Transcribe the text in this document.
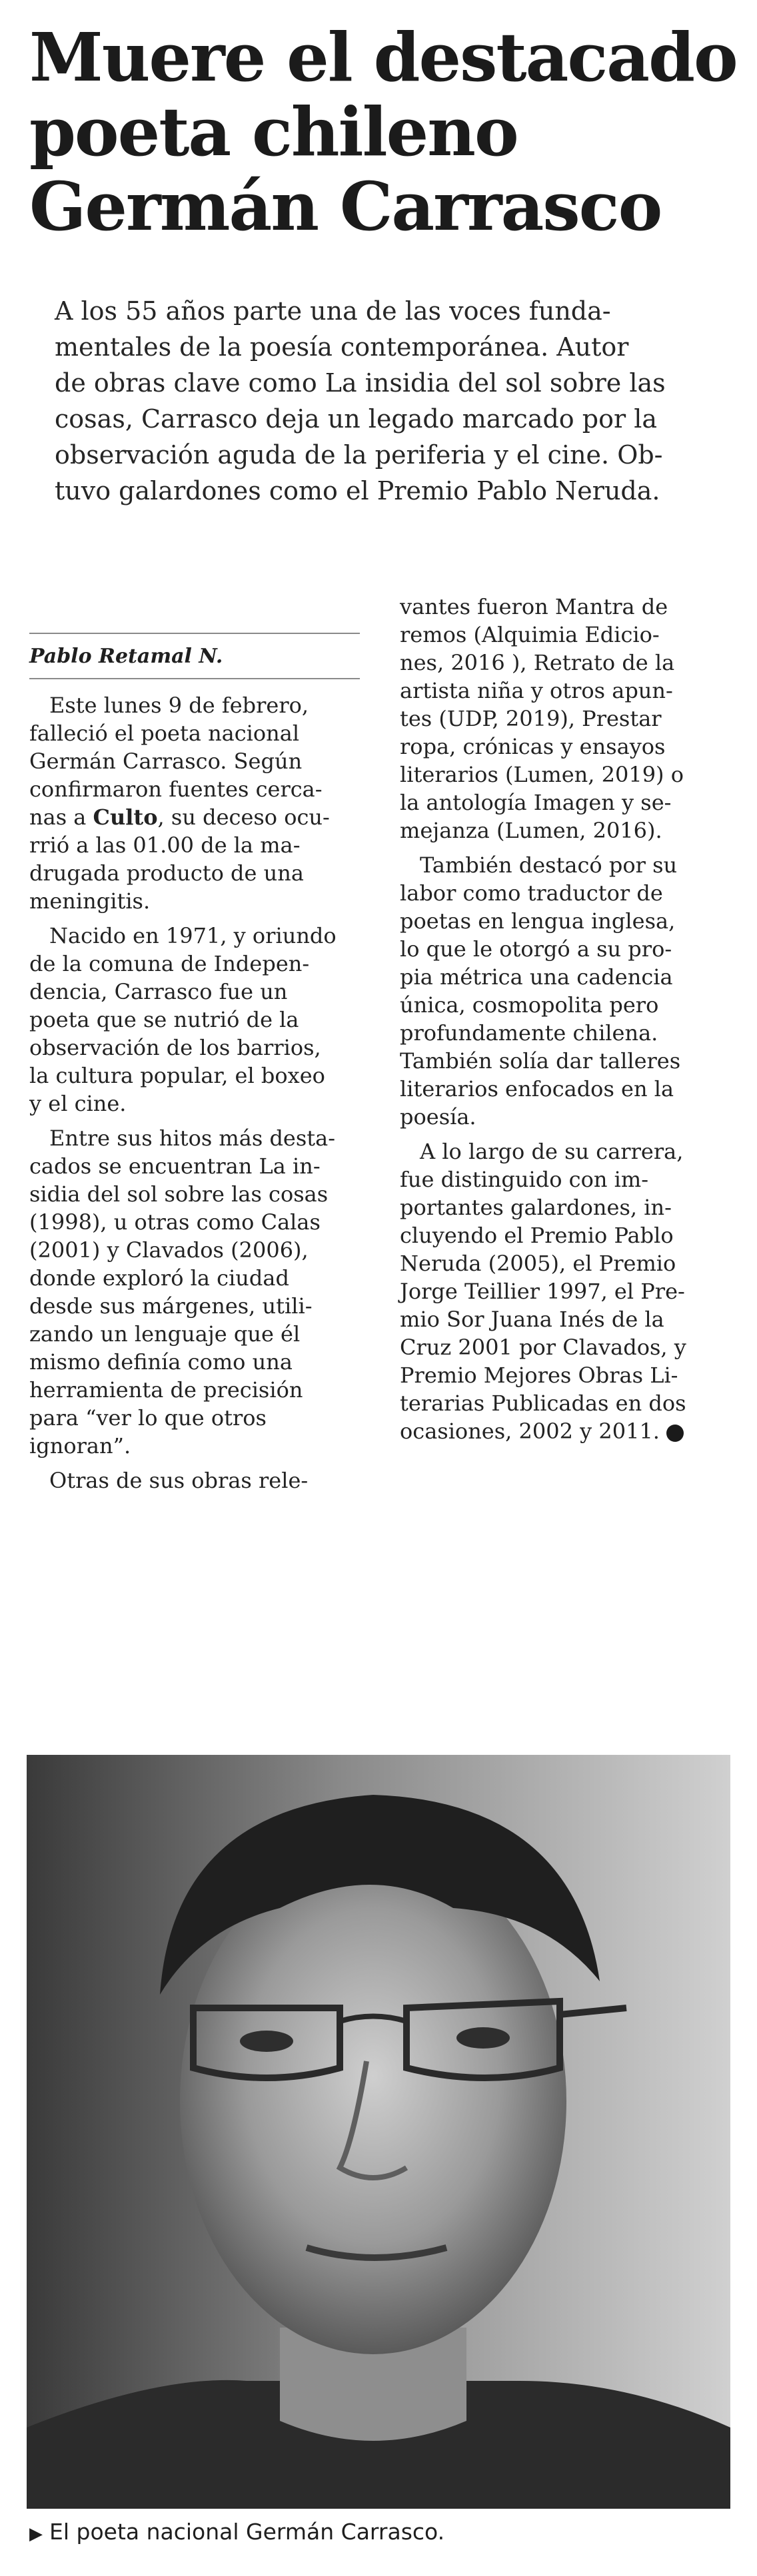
Muere el destacado
poeta chileno
Germán Carrasco

A los 55 años parte una de las voces funda-
mentales de la poesía contemporánea. Autor
de obras clave como La insidia del sol sobre las
cosas, Carrasco deja un legado marcado por la
observación aguda de la periferia y el cine. Ob-
tuvo galardones como el Premio Pablo Neruda.

Pablo Retamal N.

Este lunes 9 de febrero,
falleció el poeta nacional
Germán Carrasco. Según
confirmaron fuentes cerca-
nas a Culto, su deceso ocu-
rrió a las 01.00 de la ma-
drugada producto de una
meningitis.

Nacido en 1971, y oriundo
de la comuna de Indepen-
dencia, Carrasco fue un
poeta que se nutrió de la
observación de los barrios,
la cultura popular, el boxeo
y el cine.

Entre sus hitos más desta-
cados se encuentran La in-
sidia del sol sobre las cosas
(1998), u otras como Calas
(2001) y Clavados (2006),
donde exploró la ciudad
desde sus márgenes, utili-
zando un lenguaje que él
mismo definía como una
herramienta de precisión
para “ver lo que otros ignoran”.

Otras de sus obras rele-

vantes fueron Mantra de
remos (Alquimia Edicio-
nes, 2016 ), Retrato de la
artista niña y otros apun-
tes (UDP, 2019), Prestar
ropa, crónicas y ensayos
literarios (Lumen, 2019) o
la antología Imagen y se-
mejanza (Lumen, 2016).

También destacó por su
labor como traductor de
poetas en lengua inglesa,
lo que le otorgó a su pro-
pia métrica una cadencia
única, cosmopolita pero
profundamente chilena.
También solía dar talleres
literarios enfocados en la
poesía.

A lo largo de su carrera,
fue distinguido con im-
portantes galardones, in-
cluyendo el Premio Pablo
Neruda (2005), el Premio
Jorge Teillier 1997, el Pre-
mio Sor Juana Inés de la
Cruz 2001 por Clavados, y
Premio Mejores Obras Li-
terarias Publicadas en dos
ocasiones, 2002 y 2011.

▶ El poeta nacional Germán Carrasco.
